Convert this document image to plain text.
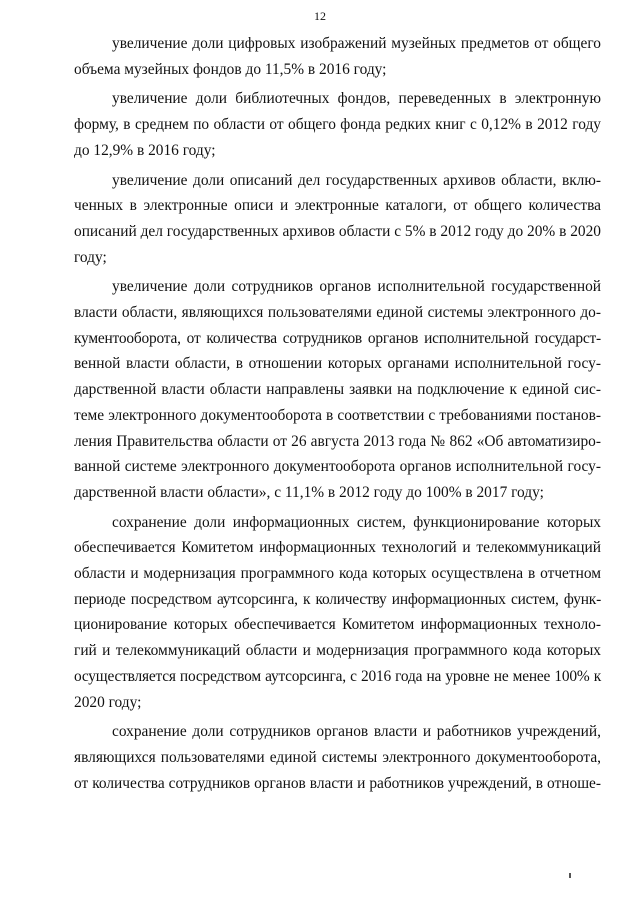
12

увеличение доли цифровых изображений музейных предметов от общего
объема музейных фондов до 11,5% в 2016 году;

увеличение доли библиотечных фондов, переведенных в электронную
форму, в среднем по области от общего фонда редких книг с 0,12% в 2012 году
до 12,9% в 2016 году;

увеличение доли описаний дел государственных архивов области, вклю-
ченных в электронные описи и электронные каталоги, от общего количества
описаний дел государственных архивов области с 5% в 2012 году до 20% в 2020
году;

увеличение доли сотрудников органов исполнительной государственной
власти области, являющихся пользователями единой системы электронного до-
кументооборота, от количества сотрудников органов исполнительной государст-
венной власти области, в отношении которых органами исполнительной госу-
дарственной власти области направлены заявки на подключение к единой сис-
теме электронного документооборота в соответствии с требованиями постанов-
ления Правительства области от 26 августа 2013 года № 862 «Об автоматизиро-
ванной системе электронного документооборота органов исполнительной госу-
дарственной власти области», с 11,1% в 2012 году до 100% в 2017 году;

сохранение доли информационных систем, функционирование которых
обеспечивается Комитетом информационных технологий и телекоммуникаций
области и модернизация программного кода которых осуществлена в отчетном
периоде посредством аутсорсинга, к количеству информационных систем, функ-
ционирование которых обеспечивается Комитетом информационных техноло-
гий и телекоммуникаций области и модернизация программного кода которых
осуществляется посредством аутсорсинга, с 2016 года на уровне не менее 100% к
2020 году;

сохранение доли сотрудников органов власти и работников учреждений,
являющихся пользователями единой системы электронного документооборота,
от количества сотрудников органов власти и работников учреждений, в отноше-
